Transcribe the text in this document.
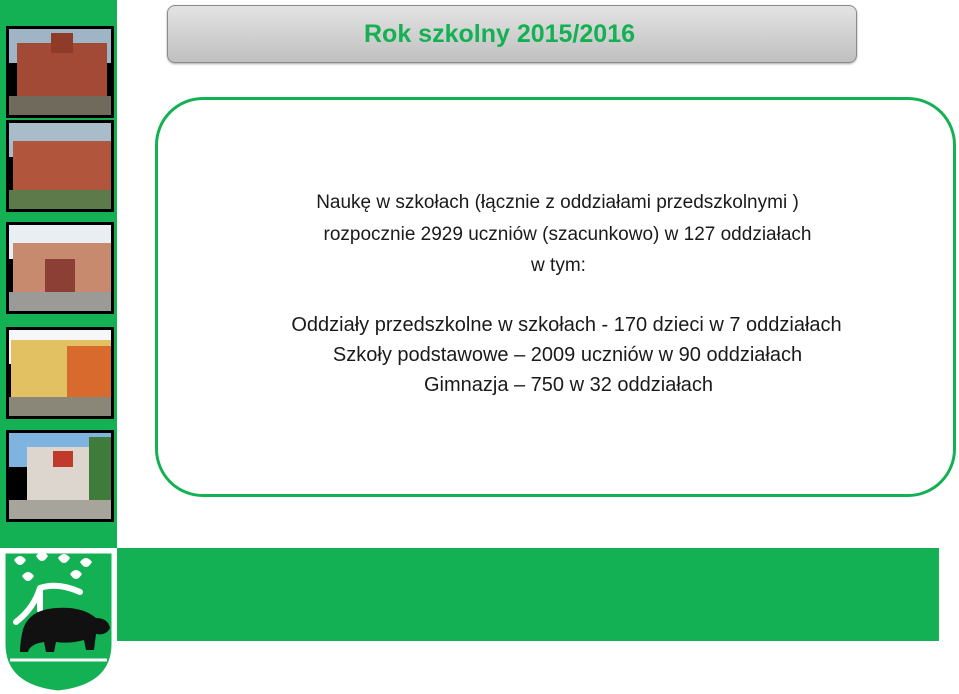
Rok szkolny 2015/2016

Naukę w szkołach (łącznie z oddziałami przedszkolnymi )

rozpocznie 2929 uczniów (szacunkowo) w 127 oddziałach

w tym:

Oddziały przedszkolne w szkołach - 170 dzieci w 7 oddziałach

Szkoły podstawowe – 2009 uczniów w 90 oddziałach

Gimnazja – 750 w 32 oddziałach
